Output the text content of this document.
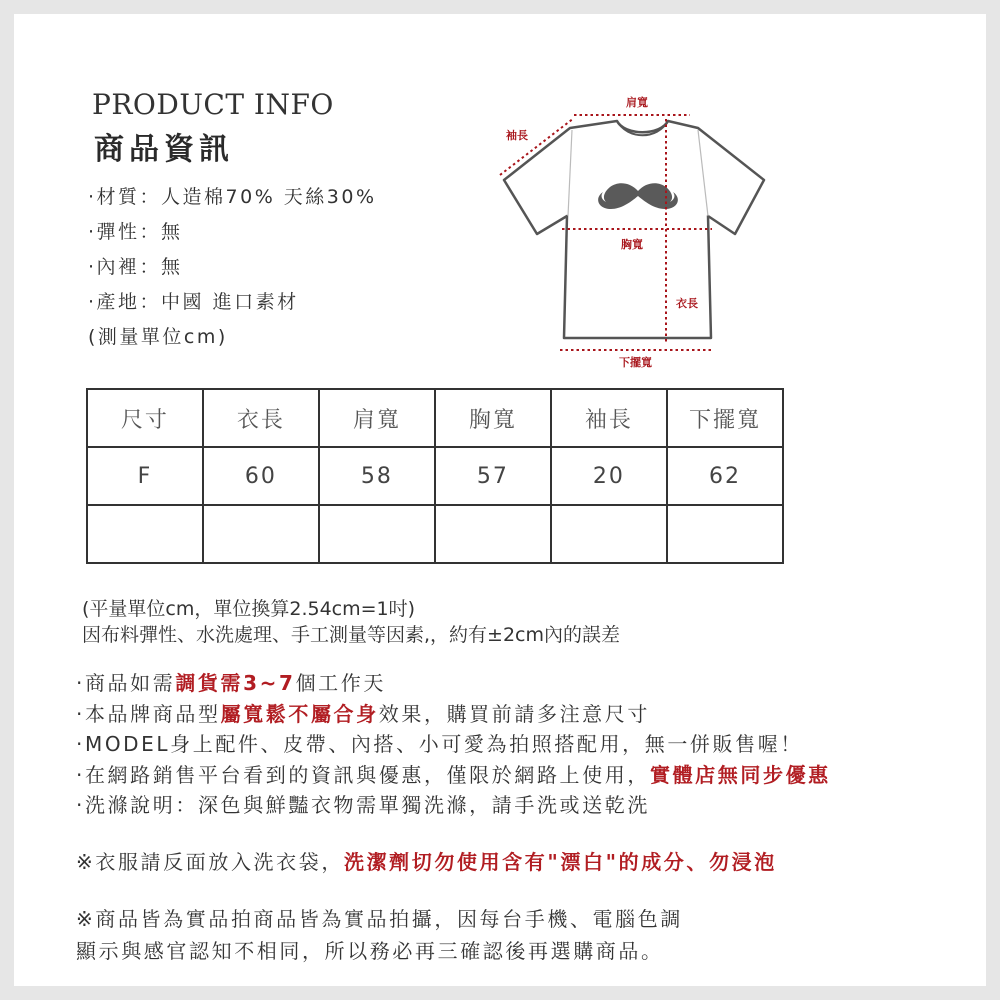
PRODUCT INFO
商品資訊
‧材質：人造棉70% 天絲30%
‧彈性：無
‧內裡：無
‧產地：中國 進口素材
(測量單位cm)
肩寬
袖長
胸寬
衣長
下擺寬
尺寸	衣長	肩寬	胸寬	袖長	下擺寬
F	60	58	57	20	62

(平量單位cm，單位換算2.54cm=1吋)
因布料彈性、水洗處理、手工測量等因素,，約有±2cm內的誤差
‧商品如需調貨需3~7個工作天
‧本品牌商品型屬寬鬆不屬合身效果，購買前請多注意尺寸
‧MODEL身上配件、皮帶、內搭、小可愛為拍照搭配用，無一併販售喔！
‧在網路銷售平台看到的資訊與優惠，僅限於網路上使用，實體店無同步優惠
‧洗滌說明：深色與鮮豔衣物需單獨洗滌，請手洗或送乾洗
※衣服請反面放入洗衣袋，洗潔劑切勿使用含有"漂白"的成分、勿浸泡
※商品皆為實品拍商品皆為實品拍攝，因每台手機、電腦色調
顯示與感官認知不相同，所以務必再三確認後再選購商品。
